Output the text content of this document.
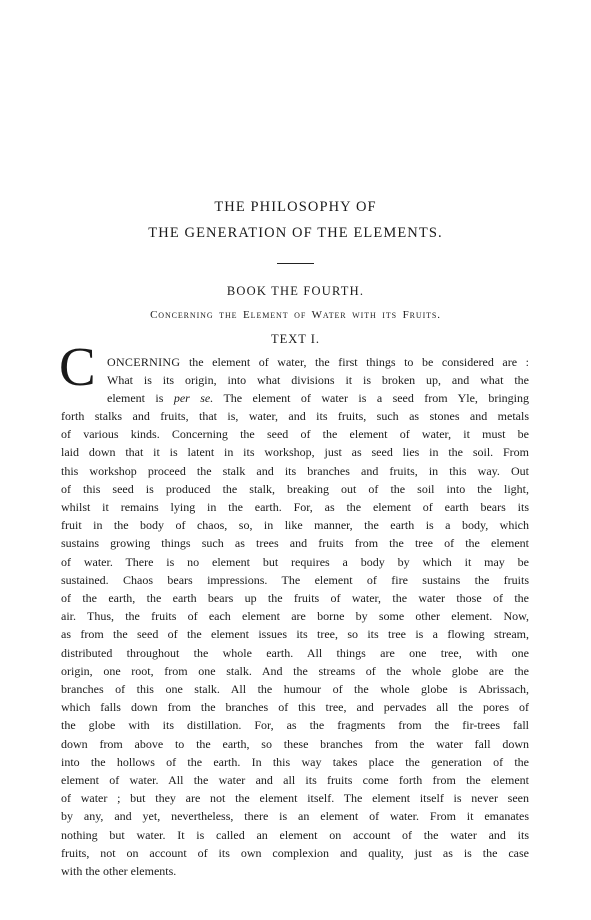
THE PHILOSOPHY OF
THE GENERATION OF THE ELEMENTS.
BOOK THE FOURTH.
Concerning the Element of Water with its Fruits.
TEXT I.
C ONCERNING the element of water, the first things to be considered are :
What is its origin, into what divisions it is broken up, and what the
element is per se. The element of water is a seed from Yle, bringing
forth stalks and fruits, that is, water, and its fruits, such as stones and metals
of various kinds. Concerning the seed of the element of water, it must be
laid down that it is latent in its workshop, just as seed lies in the soil. From
this workshop proceed the stalk and its branches and fruits, in this way. Out
of this seed is produced the stalk, breaking out of the soil into the light,
whilst it remains lying in the earth. For, as the element of earth bears its
fruit in the body of chaos, so, in like manner, the earth is a body, which
sustains growing things such as trees and fruits from the tree of the element
of water. There is no element but requires a body by which it may be
sustained. Chaos bears impressions. The element of fire sustains the fruits
of the earth, the earth bears up the fruits of water, the water those of the
air. Thus, the fruits of each element are borne by some other element. Now,
as from the seed of the element issues its tree, so its tree is a flowing stream,
distributed throughout the whole earth. All things are one tree, with one
origin, one root, from one stalk. And the streams of the whole globe are the
branches of this one stalk. All the humour of the whole globe is Abrissach,
which falls down from the branches of this tree, and pervades all the pores of
the globe with its distillation. For, as the fragments from the fir-trees fall
down from above to the earth, so these branches from the water fall down
into the hollows of the earth. In this way takes place the generation of the
element of water. All the water and all its fruits come forth from the element
of water ; but they are not the element itself. The element itself is never seen
by any, and yet, nevertheless, there is an element of water. From it emanates
nothing but water. It is called an element on account of the water and its
fruits, not on account of its own complexion and quality, just as is the case
with the other elements.
